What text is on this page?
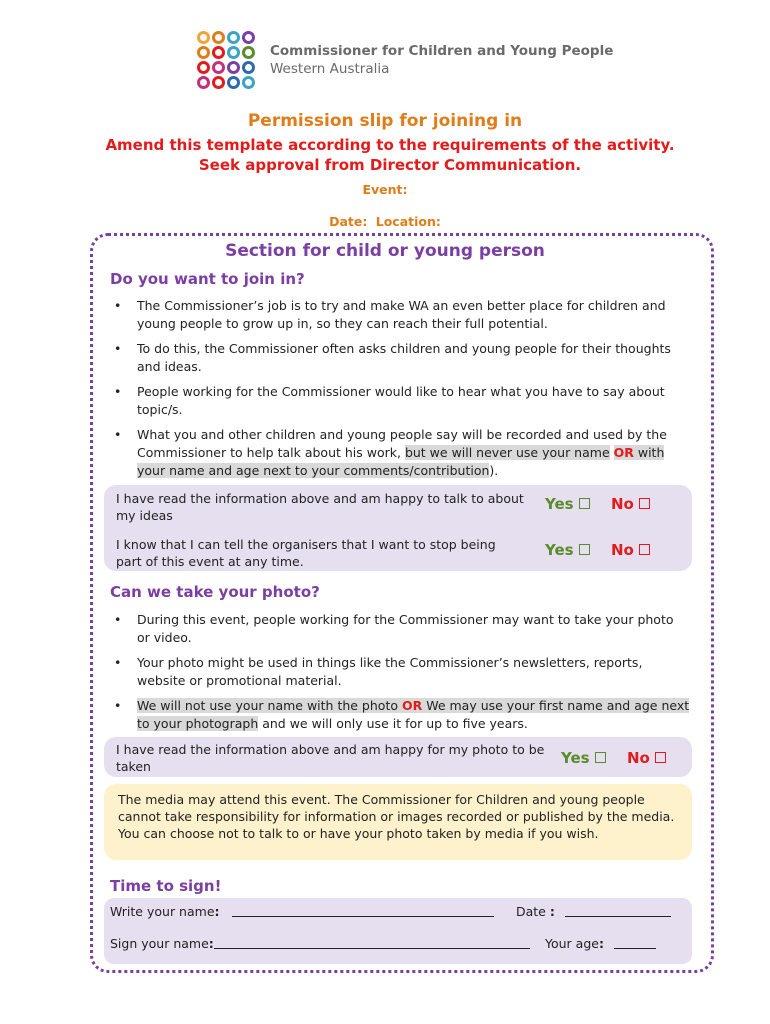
Commissioner for Children and Young People
Western Australia
Permission slip for joining in
Amend this template according to the requirements of the activity. Seek approval from Director Communication.
Event:
Date: Location:
Section for child or young person
Do you want to join in?
• The Commissioner’s job is to try and make WA an even better place for children and young people to grow up in, so they can reach their full potential.
• To do this, the Commissioner often asks children and young people for their thoughts and ideas.
• People working for the Commissioner would like to hear what you have to say about topic/s.
• What you and other children and young people say will be recorded and used by the Commissioner to help talk about his work, but we will never use your name OR with your name and age next to your comments/contribution).
I have read the information above and am happy to talk to about my ideas
Yes	No
I know that I can tell the organisers that I want to stop being part of this event at any time.
Yes	No
Can we take your photo?
• During this event, people working for the Commissioner may want to take your photo or video.
• Your photo might be used in things like the Commissioner’s newsletters, reports, website or promotional material.
• We will not use your name with the photo OR We may use your first name and age next to your photograph and we will only use it for up to five years.
I have read the information above and am happy for my photo to be taken	Yes	No
The media may attend this event. The Commissioner for Children and young people cannot take responsibility for information or images recorded or published by the media. You can choose not to talk to or have your photo taken by media if you wish.
Time to sign!
Write your name:	Date :
Sign your name:	Your age:
